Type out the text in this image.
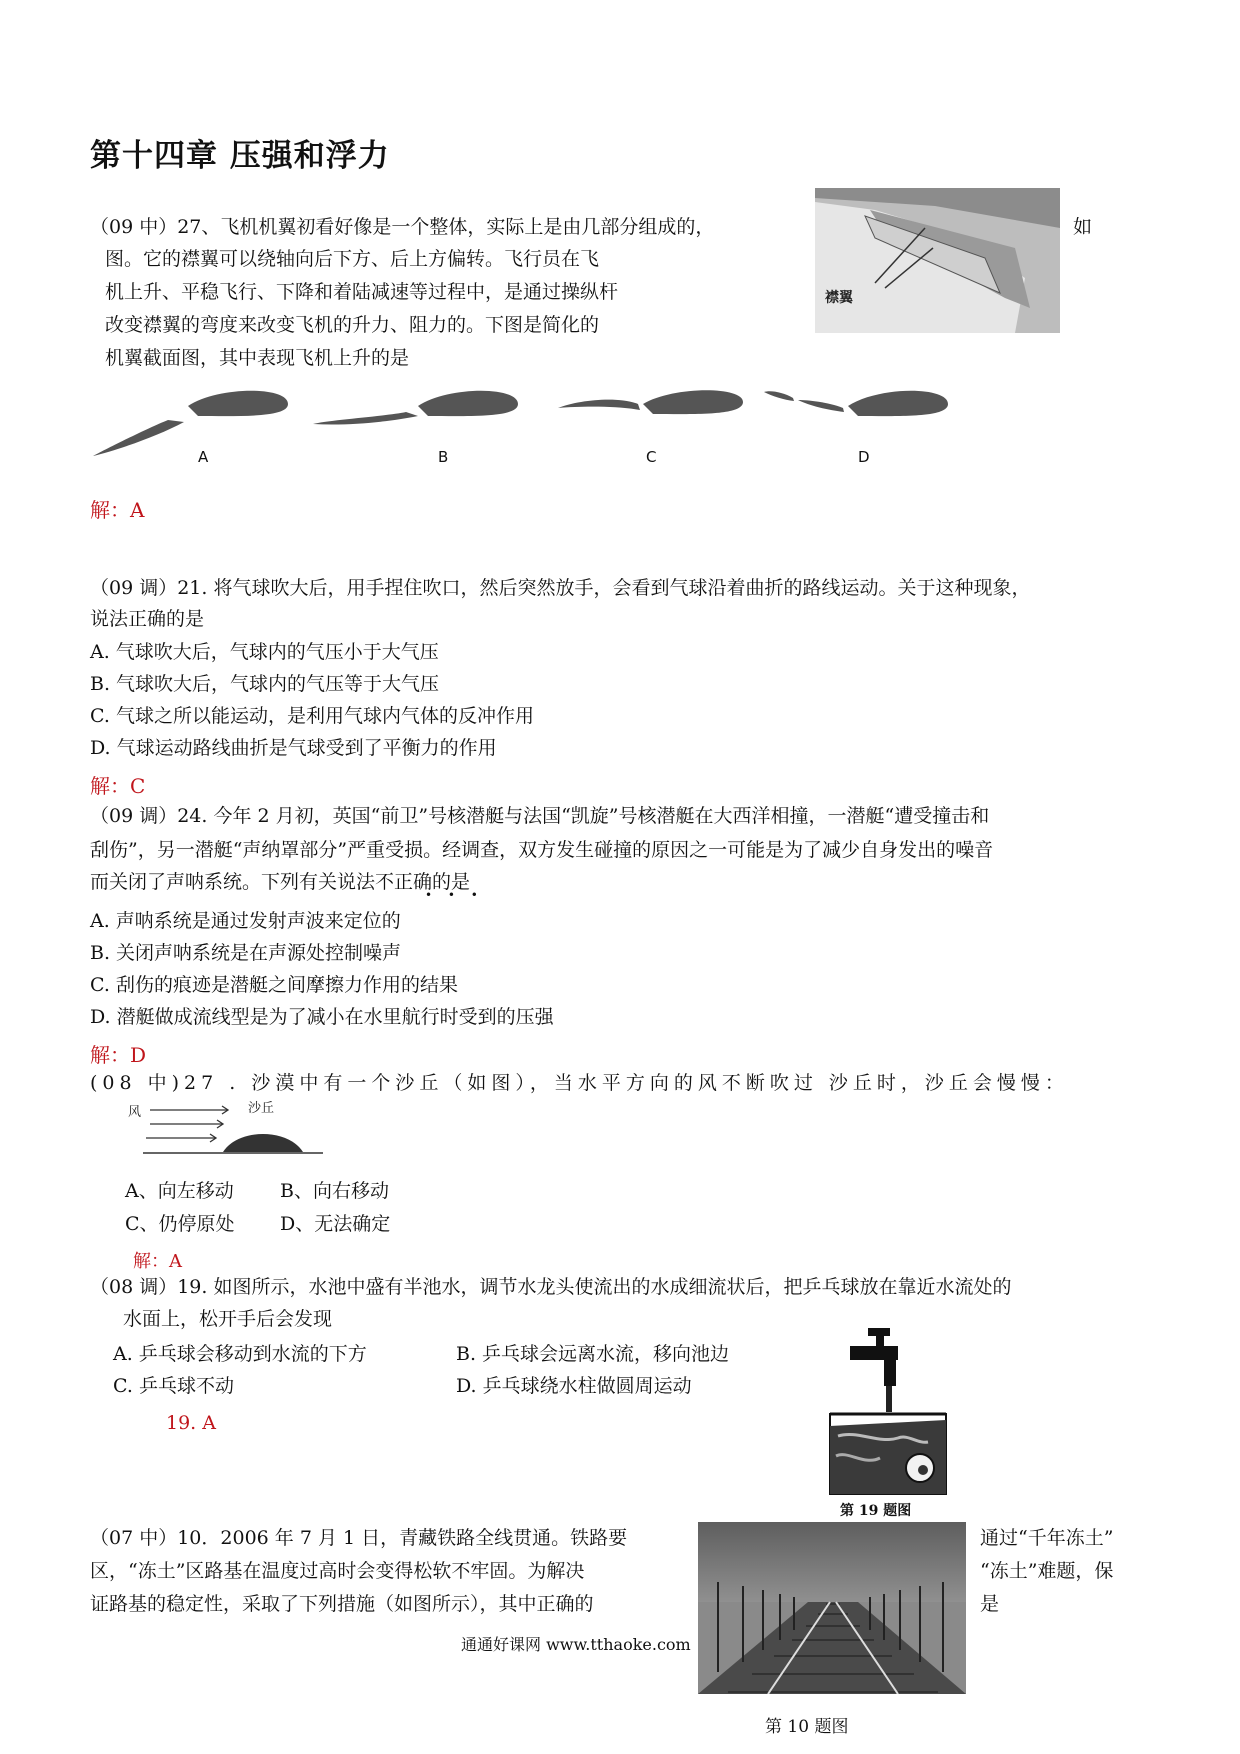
第十四章 压强和浮力
（09 中）27、飞机机翼初看好像是一个整体，实际上是由几部分组成的，
图。它的襟翼可以绕轴向后下方、后上方偏转。飞行员在飞
机上升、平稳飞行、下降和着陆减速等过程中，是通过操纵杆
改变襟翼的弯度来改变飞机的升力、阻力的。下图是简化的
机翼截面图，其中表现飞机上升的是
如
襟翼
A	B	C	D
解：A
（09 调）21. 将气球吹大后，用手捏住吹口，然后突然放手，会看到气球沿着曲折的路线运动。关于这种现象，
说法正确的是
A. 气球吹大后，气球内的气压小于大气压
B. 气球吹大后，气球内的气压等于大气压
C. 气球之所以能运动，是利用气球内气体的反冲作用
D. 气球运动路线曲折是气球受到了平衡力的作用
解：C
（09 调）24. 今年 2 月初，英国“前卫”号核潜艇与法国“凯旋”号核潜艇在大西洋相撞，一潜艇“遭受撞击和
刮伤”，另一潜艇“声纳罩部分”严重受损。经调查，双方发生碰撞的原因之一可能是为了减少自身发出的噪音
而关闭了声呐系统。下列有关说法不正确的是
• • •
A. 声呐系统是通过发射声波来定位的
B. 关闭声呐系统是在声源处控制噪声
C. 刮伤的痕迹是潜艇之间摩擦力作用的结果
D. 潜艇做成流线型是为了减小在水里航行时受到的压强
解：D
(08 中)27 . 沙漠中有一个沙丘（如图），当水平方向的风不断吹过 沙丘时，沙丘会慢慢：
风	沙丘
A、向左移动 B、向右移动
C、仍停原处 D、无法确定
解：A
（08 调）19. 如图所示，水池中盛有半池水，调节水龙头使流出的水成细流状后，把乒乓球放在靠近水流处的
水面上，松开手后会发现
A. 乒乓球会移动到水流的下方	B. 乒乓球会远离水流，移向池边
C. 乒乓球不动	D. 乒乓球绕水柱做圆周运动
19. A
第 19 题图
（07 中）10．2006 年 7 月 1 日，青藏铁路全线贯通。铁路要
区，“冻土”区路基在温度过高时会变得松软不牢固。为解决
证路基的稳定性，采取了下列措施（如图所示），其中正确的
通过“千年冻土”
“冻土”难题，保
是
第 10 题图
通通好课网 www.tthaoke.com
